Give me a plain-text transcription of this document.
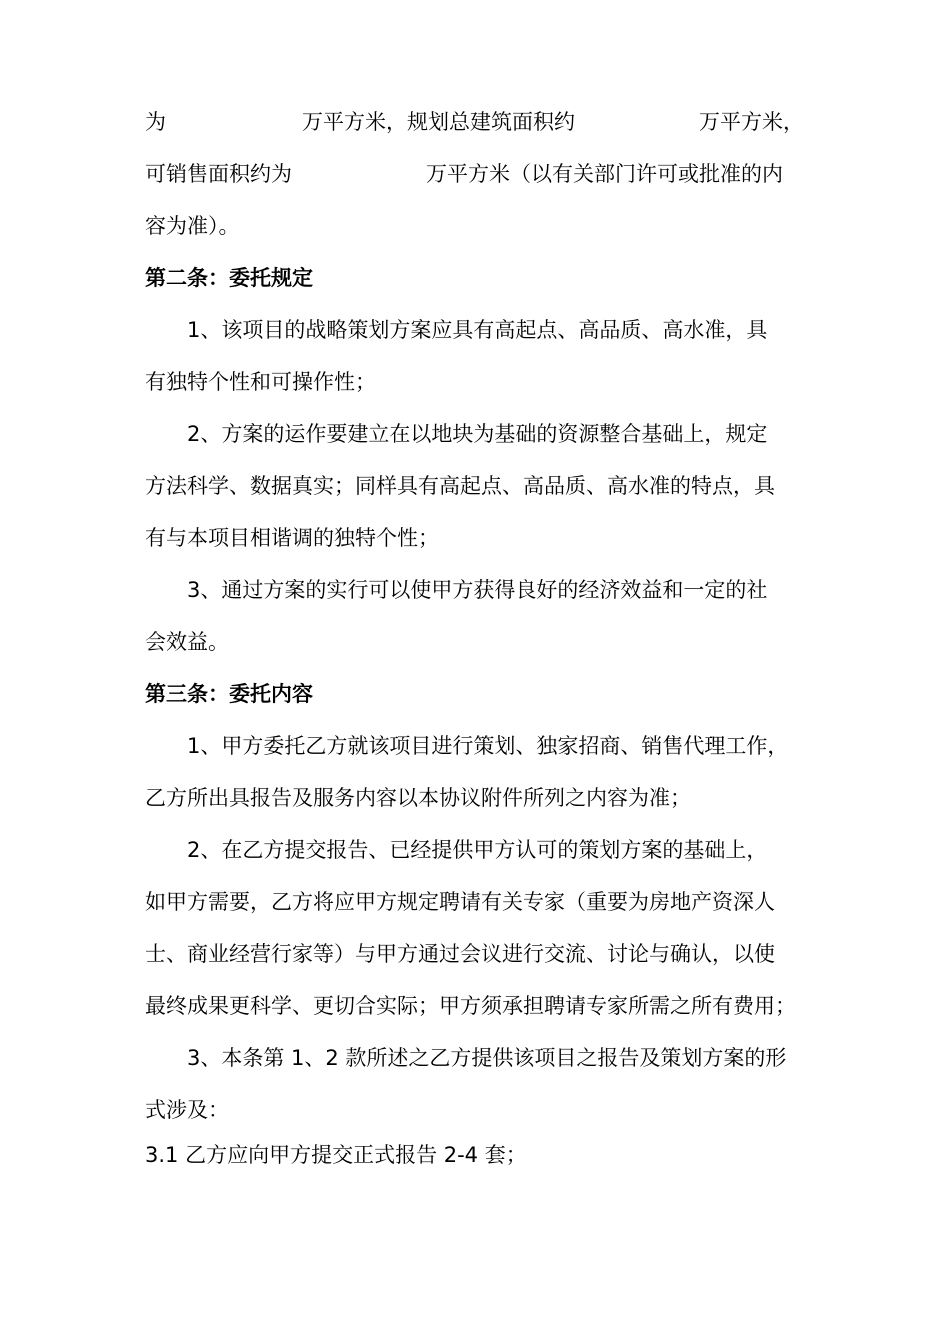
为	万平方米，规划总建筑面积约	万平方米，
可销售面积约为	万平方米（以有关部门许可或批准的内
容为准）。
第二条：委托规定
1、该项目的战略策划方案应具有高起点、高品质、高水准，具
有独特个性和可操作性；
2、方案的运作要建立在以地块为基础的资源整合基础上，规定
方法科学、数据真实；同样具有高起点、高品质、高水准的特点，具
有与本项目相谐调的独特个性；
3、通过方案的实行可以使甲方获得良好的经济效益和一定的社
会效益。
第三条：委托内容
1、甲方委托乙方就该项目进行策划、独家招商、销售代理工作，
乙方所出具报告及服务内容以本协议附件所列之内容为准；
2、在乙方提交报告、已经提供甲方认可的策划方案的基础上，
如甲方需要，乙方将应甲方规定聘请有关专家（重要为房地产资深人
士、商业经营行家等）与甲方通过会议进行交流、讨论与确认，以使
最终成果更科学、更切合实际；甲方须承担聘请专家所需之所有费用；
3、本条第 1、2 款所述之乙方提供该项目之报告及策划方案的形
式涉及：
3.1 乙方应向甲方提交正式报告 2-4 套；
